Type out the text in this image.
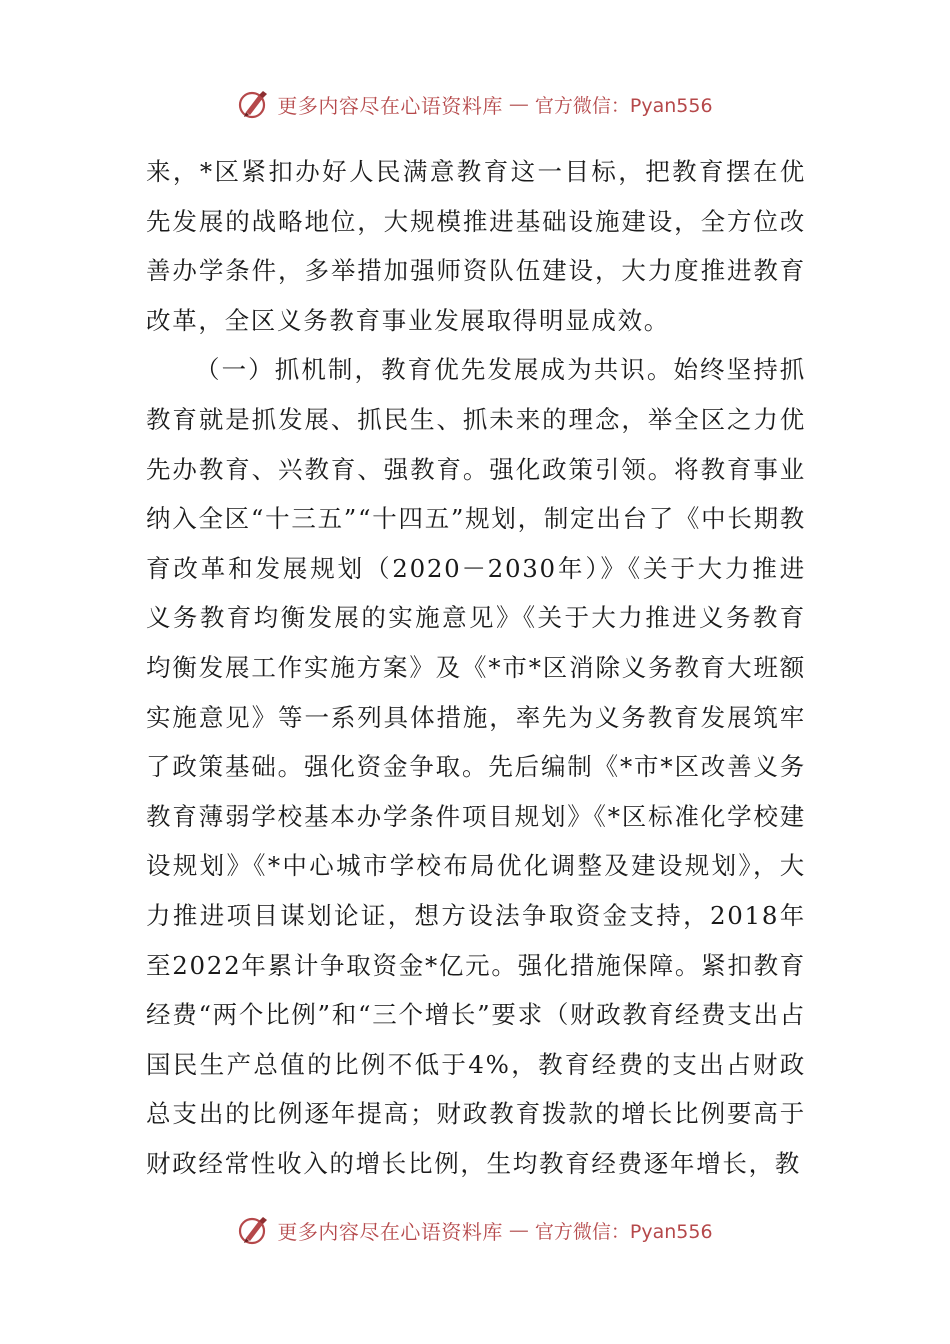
更多内容尽在心语资料库 — 官方微信：Pyan556

来，*区紧扣办好人民满意教育这一目标，把教育摆在优先发展的战略地位，大规模推进基础设施建设，全方位改善办学条件，多举措加强师资队伍建设，大力度推进教育改革，全区义务教育事业发展取得明显成效。

（一）抓机制，教育优先发展成为共识。始终坚持抓教育就是抓发展、抓民生、抓未来的理念，举全区之力优先办教育、兴教育、强教育。强化政策引领。将教育事业纳入全区“十三五”“十四五”规划，制定出台了《中长期教育改革和发展规划（2020－2030年）》《关于大力推进义务教育均衡发展的实施意见》《关于大力推进义务教育均衡发展工作实施方案》及《*市*区消除义务教育大班额实施意见》等一系列具体措施，率先为义务教育发展筑牢了政策基础。强化资金争取。先后编制《*市*区改善义务教育薄弱学校基本办学条件项目规划》《*区标准化学校建设规划》《*中心城市学校布局优化调整及建设规划》，大力推进项目谋划论证，想方设法争取资金支持，2018年至2022年累计争取资金*亿元。强化措施保障。紧扣教育经费“两个比例”和“三个增长”要求（财政教育经费支出占国民生产总值的比例不低于4%，教育经费的支出占财政总支出的比例逐年提高；财政教育拨款的增长比例要高于财政经常性收入的增长比例，生均教育经费逐年增长，教

更多内容尽在心语资料库 — 官方微信：Pyan556
